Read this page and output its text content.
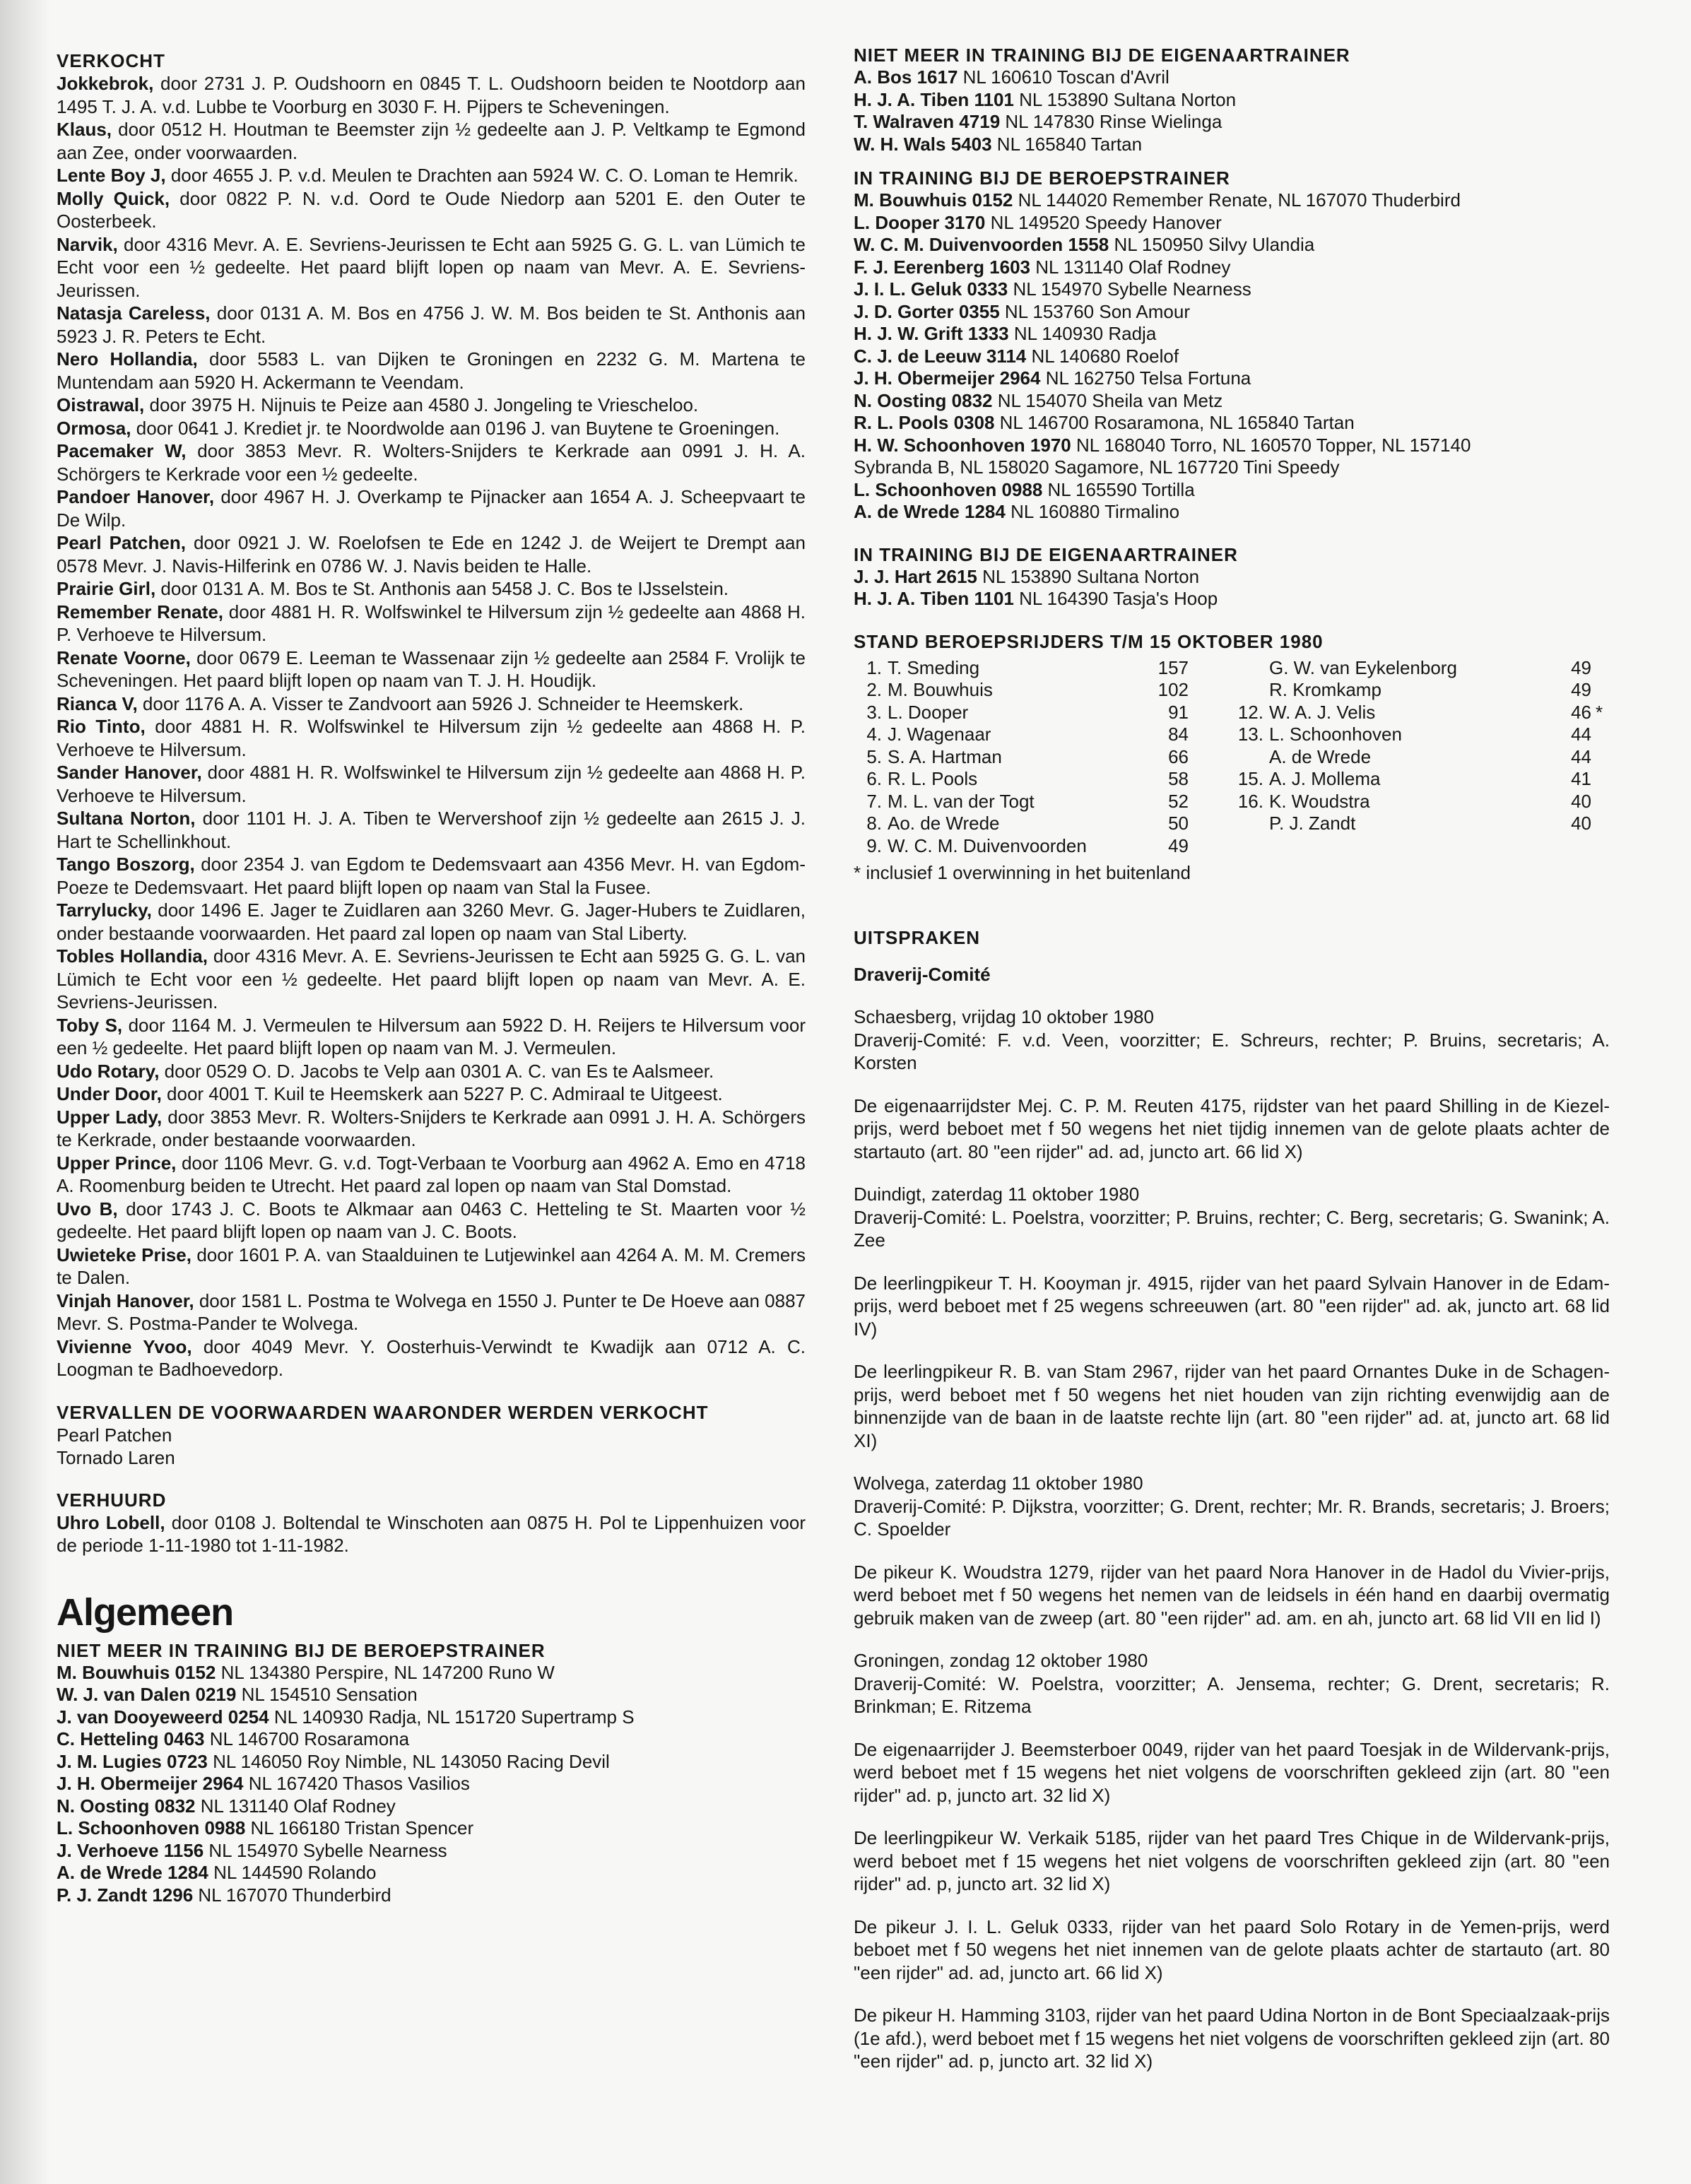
VERKOCHT

Jokkebrok, door 2731 J. P. Oudshoorn en 0845 T. L. Oudshoorn beiden te Nootdorp aan 1495 T. J. A. v.d. Lubbe te Voorburg en 3030 F. H. Pijpers te Scheveningen.

Klaus, door 0512 H. Houtman te Beemster zijn ½ gedeelte aan J. P. Veltkamp te Egmond aan Zee, onder voorwaarden.

Lente Boy J, door 4655 J. P. v.d. Meulen te Drachten aan 5924 W. C. O. Loman te Hemrik.

Molly Quick, door 0822 P. N. v.d. Oord te Oude Niedorp aan 5201 E. den Outer te Oosterbeek.

Narvik, door 4316 Mevr. A. E. Sevriens-Jeurissen te Echt aan 5925 G. G. L. van Lümich te Echt voor een ½ gedeelte. Het paard blijft lopen op naam van Mevr. A. E. Sevriens-Jeurissen.

Natasja Careless, door 0131 A. M. Bos en 4756 J. W. M. Bos beiden te St. Anthonis aan 5923 J. R. Peters te Echt.

Nero Hollandia, door 5583 L. van Dijken te Groningen en 2232 G. M. Martena te Muntendam aan 5920 H. Ackermann te Veendam.

Oistrawal, door 3975 H. Nijnuis te Peize aan 4580 J. Jongeling te Vriescheloo.

Ormosa, door 0641 J. Krediet jr. te Noordwolde aan 0196 J. van Buytene te Groeningen.

Pacemaker W, door 3853 Mevr. R. Wolters-Snijders te Kerkrade aan 0991 J. H. A. Schörgers te Kerkrade voor een ½ gedeelte.

Pandoer Hanover, door 4967 H. J. Overkamp te Pijnacker aan 1654 A. J. Scheepvaart te De Wilp.

Pearl Patchen, door 0921 J. W. Roelofsen te Ede en 1242 J. de Weijert te Drempt aan 0578 Mevr. J. Navis-Hilferink en 0786 W. J. Navis beiden te Halle.

Prairie Girl, door 0131 A. M. Bos te St. Anthonis aan 5458 J. C. Bos te IJsselstein.

Remember Renate, door 4881 H. R. Wolfswinkel te Hilversum zijn ½ gedeelte aan 4868 H. P. Verhoeve te Hilversum.

Renate Voorne, door 0679 E. Leeman te Wassenaar zijn ½ gedeelte aan 2584 F. Vrolijk te Scheveningen. Het paard blijft lopen op naam van T. J. H. Houdijk.

Rianca V, door 1176 A. A. Visser te Zandvoort aan 5926 J. Schneider te Heemskerk.

Rio Tinto, door 4881 H. R. Wolfswinkel te Hilversum zijn ½ gedeelte aan 4868 H. P. Verhoeve te Hilversum.

Sander Hanover, door 4881 H. R. Wolfswinkel te Hilversum zijn ½ gedeelte aan 4868 H. P. Verhoeve te Hilversum.

Sultana Norton, door 1101 H. J. A. Tiben te Wervershoof zijn ½ gedeelte aan 2615 J. J. Hart te Schellinkhout.

Tango Boszorg, door 2354 J. van Egdom te Dedemsvaart aan 4356 Mevr. H. van Egdom-Poeze te Dedemsvaart. Het paard blijft lopen op naam van Stal la Fusee.

Tarrylucky, door 1496 E. Jager te Zuidlaren aan 3260 Mevr. G. Jager-Hubers te Zuidlaren, onder bestaande voorwaarden. Het paard zal lopen op naam van Stal Liberty.

Tobles Hollandia, door 4316 Mevr. A. E. Sevriens-Jeurissen te Echt aan 5925 G. G. L. van Lümich te Echt voor een ½ gedeelte. Het paard blijft lopen op naam van Mevr. A. E. Sevriens-Jeurissen.

Toby S, door 1164 M. J. Vermeulen te Hilversum aan 5922 D. H. Reijers te Hilversum voor een ½ gedeelte. Het paard blijft lopen op naam van M. J. Vermeulen.

Udo Rotary, door 0529 O. D. Jacobs te Velp aan 0301 A. C. van Es te Aalsmeer.

Under Door, door 4001 T. Kuil te Heemskerk aan 5227 P. C. Admiraal te Uitgeest.

Upper Lady, door 3853 Mevr. R. Wolters-Snijders te Kerkrade aan 0991 J. H. A. Schörgers te Kerkrade, onder bestaande voorwaarden.

Upper Prince, door 1106 Mevr. G. v.d. Togt-Verbaan te Voorburg aan 4962 A. Emo en 4718 A. Roomenburg beiden te Utrecht. Het paard zal lopen op naam van Stal Domstad.

Uvo B, door 1743 J. C. Boots te Alkmaar aan 0463 C. Hetteling te St. Maarten voor ½ gedeelte. Het paard blijft lopen op naam van J. C. Boots.

Uwieteke Prise, door 1601 P. A. van Staalduinen te Lutjewinkel aan 4264 A. M. M. Cremers te Dalen.

Vinjah Hanover, door 1581 L. Postma te Wolvega en 1550 J. Punter te De Hoeve aan 0887 Mevr. S. Postma-Pander te Wolvega.

Vivienne Yvoo, door 4049 Mevr. Y. Oosterhuis-Verwindt te Kwadijk aan 0712 A. C. Loogman te Badhoevedorp.

VERVALLEN DE VOORWAARDEN WAARONDER WERDEN VERKOCHT

Pearl Patchen

Tornado Laren

VERHUURD

Uhro Lobell, door 0108 J. Boltendal te Winschoten aan 0875 H. Pol te Lippenhuizen voor de periode 1-11-1980 tot 1-11-1982.

Algemeen

NIET MEER IN TRAINING BIJ DE BEROEPSTRAINER

M. Bouwhuis 0152 NL 134380 Perspire, NL 147200 Runo W

W. J. van Dalen 0219 NL 154510 Sensation

J. van Dooyeweerd 0254 NL 140930 Radja, NL 151720 Supertramp S

C. Hetteling 0463 NL 146700 Rosaramona

J. M. Lugies 0723 NL 146050 Roy Nimble, NL 143050 Racing Devil

J. H. Obermeijer 2964 NL 167420 Thasos Vasilios

N. Oosting 0832 NL 131140 Olaf Rodney

L. Schoonhoven 0988 NL 166180 Tristan Spencer

J. Verhoeve 1156 NL 154970 Sybelle Nearness

A. de Wrede 1284 NL 144590 Rolando

P. J. Zandt 1296 NL 167070 Thunderbird

NIET MEER IN TRAINING BIJ DE EIGENAARTRAINER

A. Bos 1617 NL 160610 Toscan d'Avril

H. J. A. Tiben 1101 NL 153890 Sultana Norton

T. Walraven 4719 NL 147830 Rinse Wielinga

W. H. Wals 5403 NL 165840 Tartan

IN TRAINING BIJ DE BEROEPSTRAINER

M. Bouwhuis 0152 NL 144020 Remember Renate, NL 167070 Thuderbird

L. Dooper 3170 NL 149520 Speedy Hanover

W. C. M. Duivenvoorden 1558 NL 150950 Silvy Ulandia

F. J. Eerenberg 1603 NL 131140 Olaf Rodney

J. I. L. Geluk 0333 NL 154970 Sybelle Nearness

J. D. Gorter 0355 NL 153760 Son Amour

H. J. W. Grift 1333 NL 140930 Radja

C. J. de Leeuw 3114 NL 140680 Roelof

J. H. Obermeijer 2964 NL 162750 Telsa Fortuna

N. Oosting 0832 NL 154070 Sheila van Metz

R. L. Pools 0308 NL 146700 Rosaramona, NL 165840 Tartan

H. W. Schoonhoven 1970 NL 168040 Torro, NL 160570 Topper, NL 157140

Sybranda B, NL 158020 Sagamore, NL 167720 Tini Speedy

L. Schoonhoven 0988 NL 165590 Tortilla

A. de Wrede 1284 NL 160880 Tirmalino

IN TRAINING BIJ DE EIGENAARTRAINER

J. J. Hart 2615 NL 153890 Sultana Norton

H. J. A. Tiben 1101 NL 164390 Tasja's Hoop

STAND BEROEPSRIJDERS T/M 15 OKTOBER 1980

1. T. Smeding	157
2. M. Bouwhuis	102
3. L. Dooper	91
4. J. Wagenaar	84
5. S. A. Hartman	66
6. R. L. Pools	58
7. M. L. van der Togt	52
8. Ao. de Wrede	50
9. W. C. M. Duivenvoorden	49
G. W. van Eykelenborg	49
R. Kromkamp	49
12. W. A. J. Velis	46 *
13. L. Schoonhoven	44
A. de Wrede	44
15. A. J. Mollema	41
16. K. Woudstra	40
P. J. Zandt	40

* inclusief 1 overwinning in het buitenland

UITSPRAKEN

Draverij-Comité

Schaesberg, vrijdag 10 oktober 1980

Draverij-Comité: F. v.d. Veen, voorzitter; E. Schreurs, rechter; P. Bruins, secretaris; A. Korsten

De eigenaarrijdster Mej. C. P. M. Reuten 4175, rijdster van het paard Shilling in de Kiezel-prijs, werd beboet met f 50 wegens het niet tijdig innemen van de gelote plaats achter de startauto (art. 80 "een rijder" ad. ad, juncto art. 66 lid X)

Duindigt, zaterdag 11 oktober 1980

Draverij-Comité: L. Poelstra, voorzitter; P. Bruins, rechter; C. Berg, secretaris; G. Swanink; A. Zee

De leerlingpikeur T. H. Kooyman jr. 4915, rijder van het paard Sylvain Hanover in de Edam-prijs, werd beboet met f 25 wegens schreeuwen (art. 80 "een rijder" ad. ak, juncto art. 68 lid IV)

De leerlingpikeur R. B. van Stam 2967, rijder van het paard Ornantes Duke in de Schagen-prijs, werd beboet met f 50 wegens het niet houden van zijn richting evenwijdig aan de binnenzijde van de baan in de laatste rechte lijn (art. 80 "een rijder" ad. at, juncto art. 68 lid XI)

Wolvega, zaterdag 11 oktober 1980

Draverij-Comité: P. Dijkstra, voorzitter; G. Drent, rechter; Mr. R. Brands, secretaris; J. Broers; C. Spoelder

De pikeur K. Woudstra 1279, rijder van het paard Nora Hanover in de Hadol du Vivier-prijs, werd beboet met f 50 wegens het nemen van de leidsels in één hand en daarbij overmatig gebruik maken van de zweep (art. 80 "een rijder" ad. am. en ah, juncto art. 68 lid VII en lid I)

Groningen, zondag 12 oktober 1980

Draverij-Comité: W. Poelstra, voorzitter; A. Jensema, rechter; G. Drent, secretaris; R. Brinkman; E. Ritzema

De eigenaarrijder J. Beemsterboer 0049, rijder van het paard Toesjak in de Wildervank-prijs, werd beboet met f 15 wegens het niet volgens de voorschriften gekleed zijn (art. 80 "een rijder" ad. p, juncto art. 32 lid X)

De leerlingpikeur W. Verkaik 5185, rijder van het paard Tres Chique in de Wildervank-prijs, werd beboet met f 15 wegens het niet volgens de voorschriften gekleed zijn (art. 80 "een rijder" ad. p, juncto art. 32 lid X)

De pikeur J. I. L. Geluk 0333, rijder van het paard Solo Rotary in de Yemen-prijs, werd beboet met f 50 wegens het niet innemen van de gelote plaats achter de startauto (art. 80 "een rijder" ad. ad, juncto art. 66 lid X)

De pikeur H. Hamming 3103, rijder van het paard Udina Norton in de Bont Speciaalzaak-prijs (1e afd.), werd beboet met f 15 wegens het niet volgens de voorschriften gekleed zijn (art. 80 "een rijder" ad. p, juncto art. 32 lid X)
